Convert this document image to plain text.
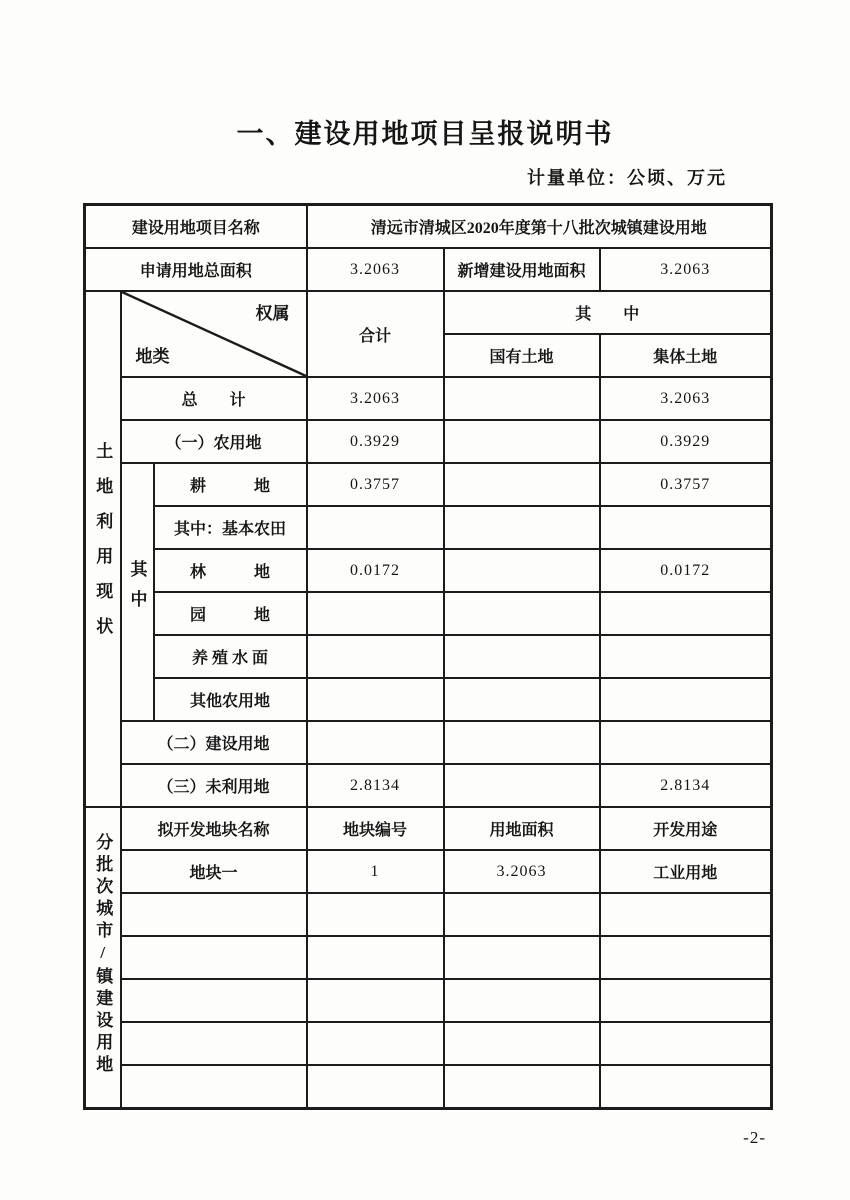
一、建设用地项目呈报说明书
计量单位：公顷、万元
建设用地项目名称			清远市清城区2020年度第十八批次城镇建设用地		
申请用地总面积			3.2063	新增建设用地面积	3.2063
土地利用现状	权属
地类		合计	其　　中	
				国有土地	集体土地
	总　　计		3.2063		3.2063
	（一）农用地		0.3929		0.3929
	其中	耕　　　地	0.3757		0.3757
		其中：基本农田			
		林　　　地	0.0172		0.0172
		园　　　地			
		养 殖 水 面			
		其他农用地			
	（二）建设用地				
	（三）未利用地		2.8134		2.8134
分批次城市/镇建设用地	拟开发地块名称		地块编号	用地面积	开发用途
	地块一		1	3.2063	工业用地

-2-
